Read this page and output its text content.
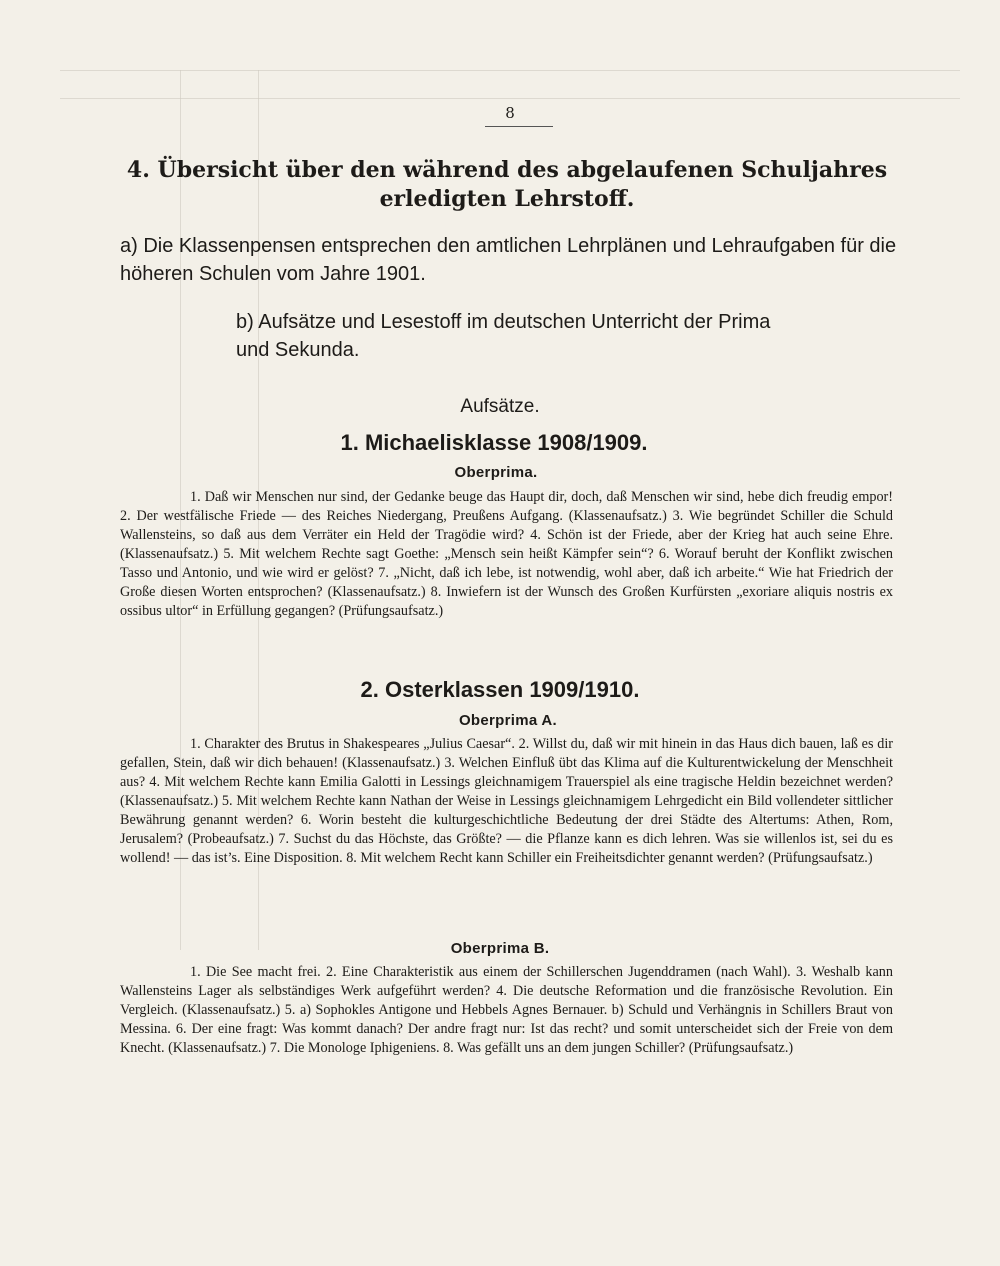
8
4. Übersicht über den während des abgelaufenen Schuljahres erledigten Lehrstoff.
a) Die Klassenpensen entsprechen den amtlichen Lehrplänen und Lehraufgaben für die höheren Schulen vom Jahre 1901.
b) Aufsätze und Lesestoff im deutschen Unterricht der Prima und Sekunda.
Aufsätze.
1. Michaelisklasse 1908/1909.
Oberprima.
1. Daß wir Menschen nur sind, der Gedanke beuge das Haupt dir, doch, daß Menschen wir sind, hebe dich freudig empor! 2. Der westfälische Friede — des Reiches Niedergang, Preußens Aufgang. (Klassenaufsatz.) 3. Wie begründet Schiller die Schuld Wallensteins, so daß aus dem Verräter ein Held der Tragödie wird? 4. Schön ist der Friede, aber der Krieg hat auch seine Ehre. (Klassenaufsatz.) 5. Mit welchem Rechte sagt Goethe: „Mensch sein heißt Kämpfer sein“? 6. Worauf beruht der Konflikt zwischen Tasso und Antonio, und wie wird er gelöst? 7. „Nicht, daß ich lebe, ist notwendig, wohl aber, daß ich arbeite.“ Wie hat Friedrich der Große diesen Worten entsprochen? (Klassenaufsatz.) 8. Inwiefern ist der Wunsch des Großen Kurfürsten „exoriare aliquis nostris ex ossibus ultor“ in Erfüllung gegangen? (Prüfungsaufsatz.)
2. Osterklassen 1909/1910.
Oberprima A.
1. Charakter des Brutus in Shakespeares „Julius Caesar“. 2. Willst du, daß wir mit hinein in das Haus dich bauen, laß es dir gefallen, Stein, daß wir dich behauen! (Klassenaufsatz.) 3. Welchen Einfluß übt das Klima auf die Kulturentwickelung der Menschheit aus? 4. Mit welchem Rechte kann Emilia Galotti in Lessings gleichnamigem Trauerspiel als eine tragische Heldin bezeichnet werden? (Klassenaufsatz.) 5. Mit welchem Rechte kann Nathan der Weise in Lessings gleichnamigem Lehrgedicht ein Bild vollendeter sittlicher Bewährung genannt werden? 6. Worin besteht die kulturgeschichtliche Bedeutung der drei Städte des Altertums: Athen, Rom, Jerusalem? (Probeaufsatz.) 7. Suchst du das Höchste, das Größte? — die Pflanze kann es dich lehren. Was sie willenlos ist, sei du es wollend! — das ist’s. Eine Disposition. 8. Mit welchem Recht kann Schiller ein Freiheitsdichter genannt werden? (Prüfungsaufsatz.)
Oberprima B.
1. Die See macht frei. 2. Eine Charakteristik aus einem der Schillerschen Jugenddramen (nach Wahl). 3. Weshalb kann Wallensteins Lager als selbständiges Werk aufgeführt werden? 4. Die deutsche Reformation und die französische Revolution. Ein Vergleich. (Klassenaufsatz.) 5. a) Sophokles Antigone und Hebbels Agnes Bernauer. b) Schuld und Verhängnis in Schillers Braut von Messina. 6. Der eine fragt: Was kommt danach? Der andre fragt nur: Ist das recht? und somit unterscheidet sich der Freie von dem Knecht. (Klassenaufsatz.) 7. Die Monologe Iphigeniens. 8. Was gefällt uns an dem jungen Schiller? (Prüfungsaufsatz.)
